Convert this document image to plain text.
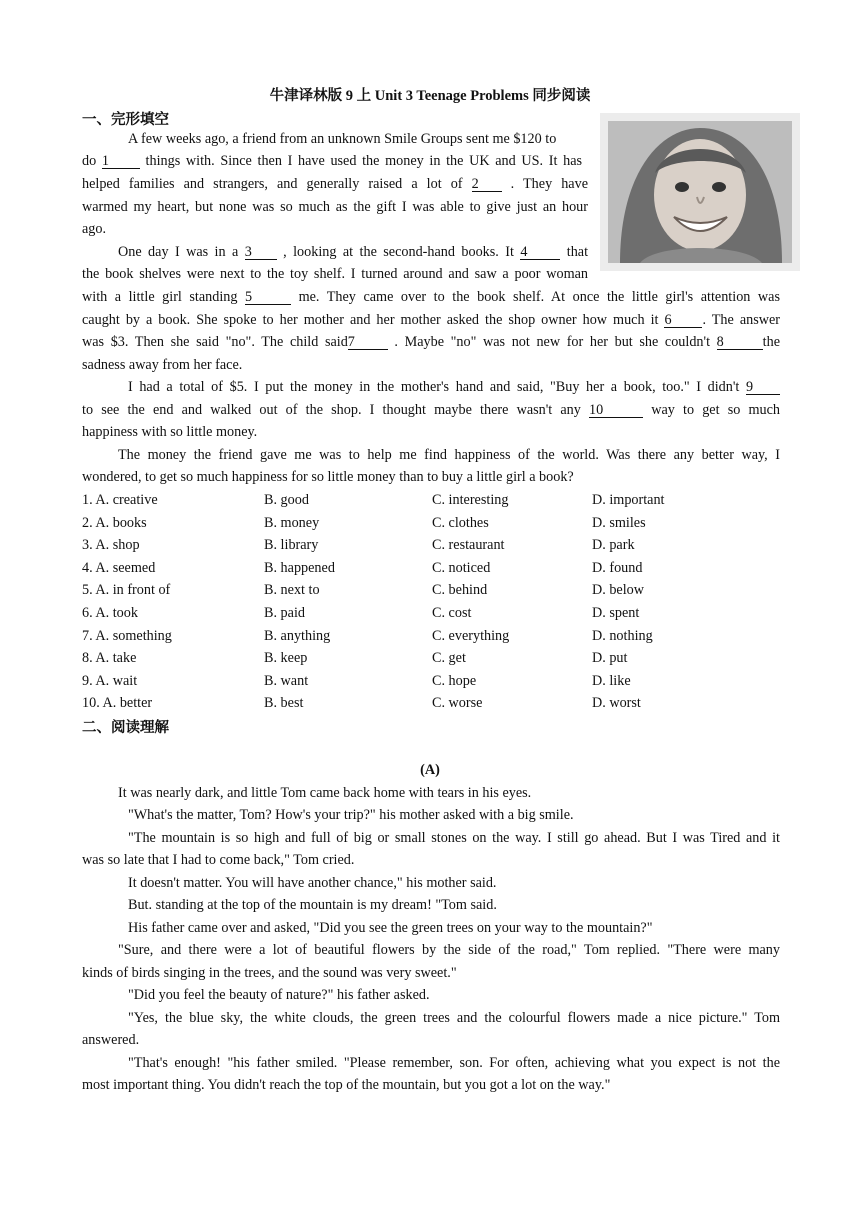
牛津译林版 9 上 Unit 3 Teenage Problems 同步阅读
一、完形填空
A few weeks ago, a friend from an unknown Smile Groups sent me $120 to
do 1	things with. Since then I have used the money in the UK and US. It has
helped families and strangers, and generally raised a lot of 2 . They have
warmed my heart, but none was so much as the gift I was able to give just an hour
ago.
One day I was in a 3 , looking at the second-hand books. It 4	that
the book shelves were next to the toy shelf. I turned around and saw a poor woman
with a little girl standing 5	me. They came over to the book shelf. At once the little girl's attention was
caught by a book. She spoke to her mother and her mother asked the shop owner how much it 6 . The answer
was $3. Then she said "no". The child said7	. Maybe "no" was not new for her but she couldn't 8	the
sadness away from her face.
I had a total of $5. I put the money in the mother's hand and said, "Buy her a book, too." I didn't 9
to see the end and walked out of the shop. I thought maybe there wasn't any 10	way to get so much
happiness with so little money.
The money the friend gave me was to help me find happiness of the world. Was there any better way, I
wondered, to get so much happiness for so little money than to buy a little girl a book?
1. A. creative	B. good	C. interesting	D. important
2. A. books	B. money	C. clothes	D. smiles
3. A. shop	B. library	C. restaurant	D. park
4. A. seemed	B. happened	C. noticed	D. found
5. A. in front of	B. next to	C. behind	D. below
6. A. took	B. paid	C. cost	D. spent
7. A. something	B. anything	C. everything	D. nothing
8. A. take	B. keep	C. get	D. put
9. A. wait	B. want	C. hope	D. like
10. A. better	B. best	C. worse	D. worst
二、阅读理解
(A)
It was nearly dark, and little Tom came back home with tears in his eyes.
"What's the matter, Tom? How's your trip?" his mother asked with a big smile.
"The mountain is so high and full of big or small stones on the way. I still go ahead. But I was Tired and it
was so late that I had to come back," Tom cried.
It doesn't matter. You will have another chance," his mother said.
But. standing at the top of the mountain is my dream! "Tom said.
His father came over and asked, "Did you see the green trees on your way to the mountain?"
"Sure, and there were a lot of beautiful flowers by the side of the road," Tom replied. "There were many
kinds of birds singing in the trees, and the sound was very sweet."
"Did you feel the beauty of nature?" his father asked.
"Yes, the blue sky, the white clouds, the green trees and the colourful flowers made a nice picture." Tom
answered.
"That's enough! "his father smiled. "Please remember, son. For often, achieving what you expect is not the
most important thing. You didn't reach the top of the mountain, but you got a lot on the way."
